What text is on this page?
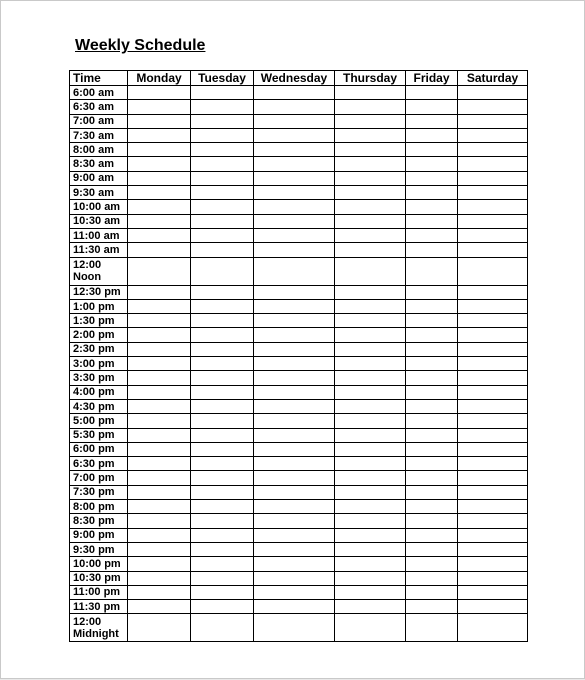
Weekly Schedule
Time	Monday	Tuesday	Wednesday	Thursday	Friday	Saturday
6:00 am						
6:30 am						
7:00 am						
7:30 am						
8:00 am						
8:30 am						
9:00 am						
9:30 am						
10:00 am						
10:30 am						
11:00 am						
11:30 am						
12:00
Noon						
12:30 pm						
1:00 pm						
1:30 pm						
2:00 pm						
2:30 pm						
3:00 pm						
3:30 pm						
4:00 pm						
4:30 pm						
5:00 pm						
5:30 pm						
6:00 pm						
6:30 pm						
7:00 pm						
7:30 pm						
8:00 pm						
8:30 pm						
9:00 pm						
9:30 pm						
10:00 pm						
10:30 pm						
11:00 pm						
11:30 pm						
12:00
Midnight						
